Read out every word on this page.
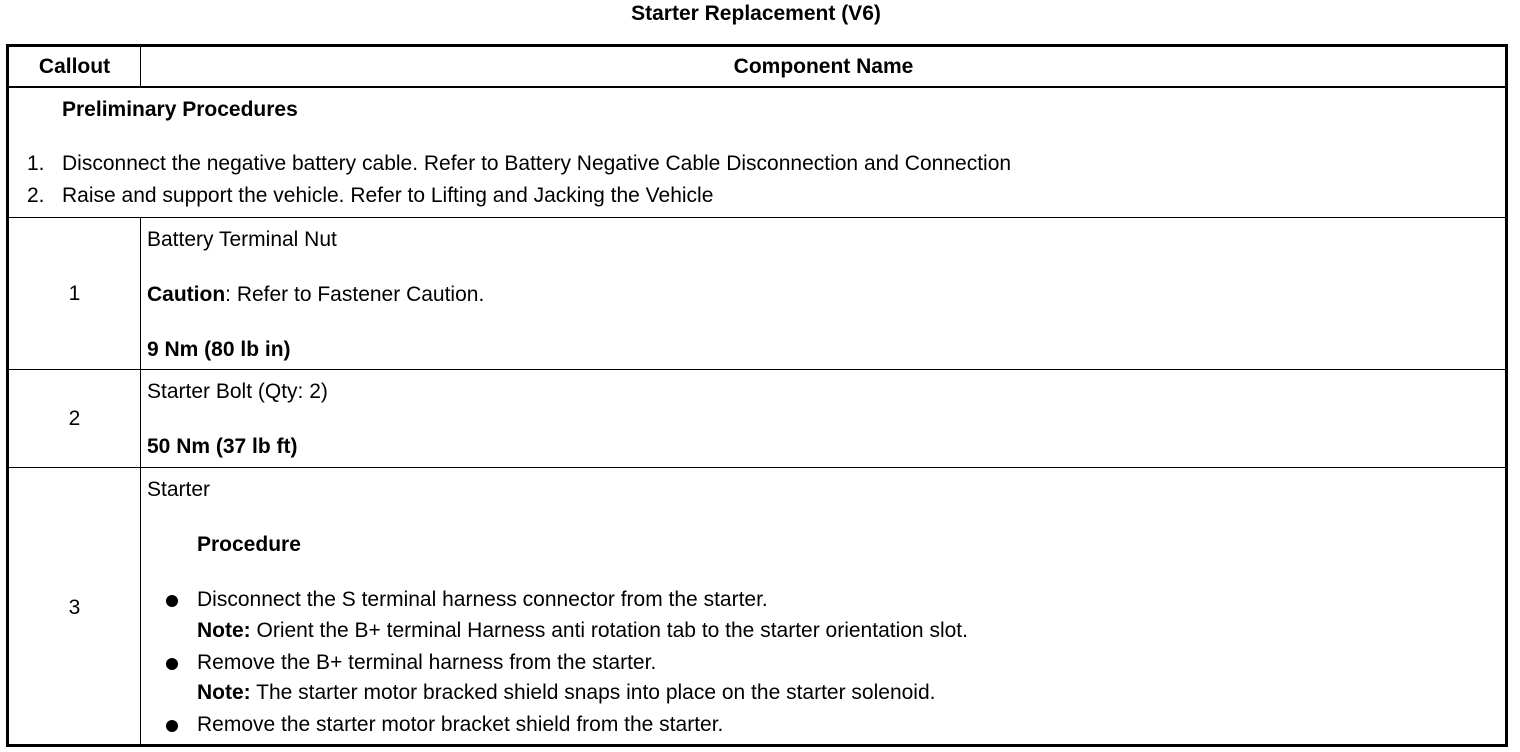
Starter Replacement (V6)
Callout	Component Name
Preliminary Procedures
1. Disconnect the negative battery cable. Refer to Battery Negative Cable Disconnection and Connection
2. Raise and support the vehicle. Refer to Lifting and Jacking the Vehicle
1
Battery Terminal Nut
Caution: Refer to Fastener Caution.
9 Nm (80 lb in)
2
Starter Bolt (Qty: 2)
50 Nm (37 lb ft)
3
Starter
Procedure
Disconnect the S terminal harness connector from the starter.
Note: Orient the B+ terminal Harness anti rotation tab to the starter orientation slot.
Remove the B+ terminal harness from the starter.
Note: The starter motor bracked shield snaps into place on the starter solenoid.
Remove the starter motor bracket shield from the starter.
